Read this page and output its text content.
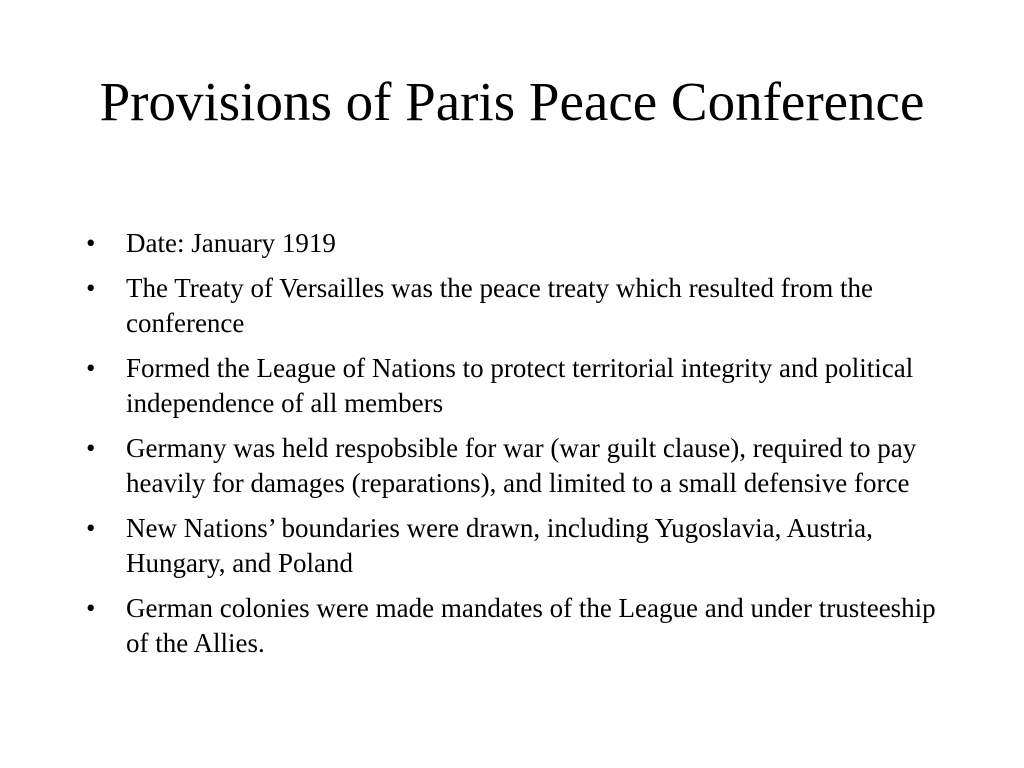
Provisions of Paris Peace Conference
•	Date: January 1919
•	The Treaty of Versailles was the peace treaty which resulted from the conference
•	Formed the League of Nations to protect territorial integrity and political independence of all members
•	Germany was held respobsible for war (war guilt clause), required to pay heavily for damages (reparations), and limited to a small defensive force
•	New Nations’ boundaries were drawn, including Yugoslavia, Austria, Hungary, and Poland
•	German colonies were made mandates of the League and under trusteeship of the Allies.
